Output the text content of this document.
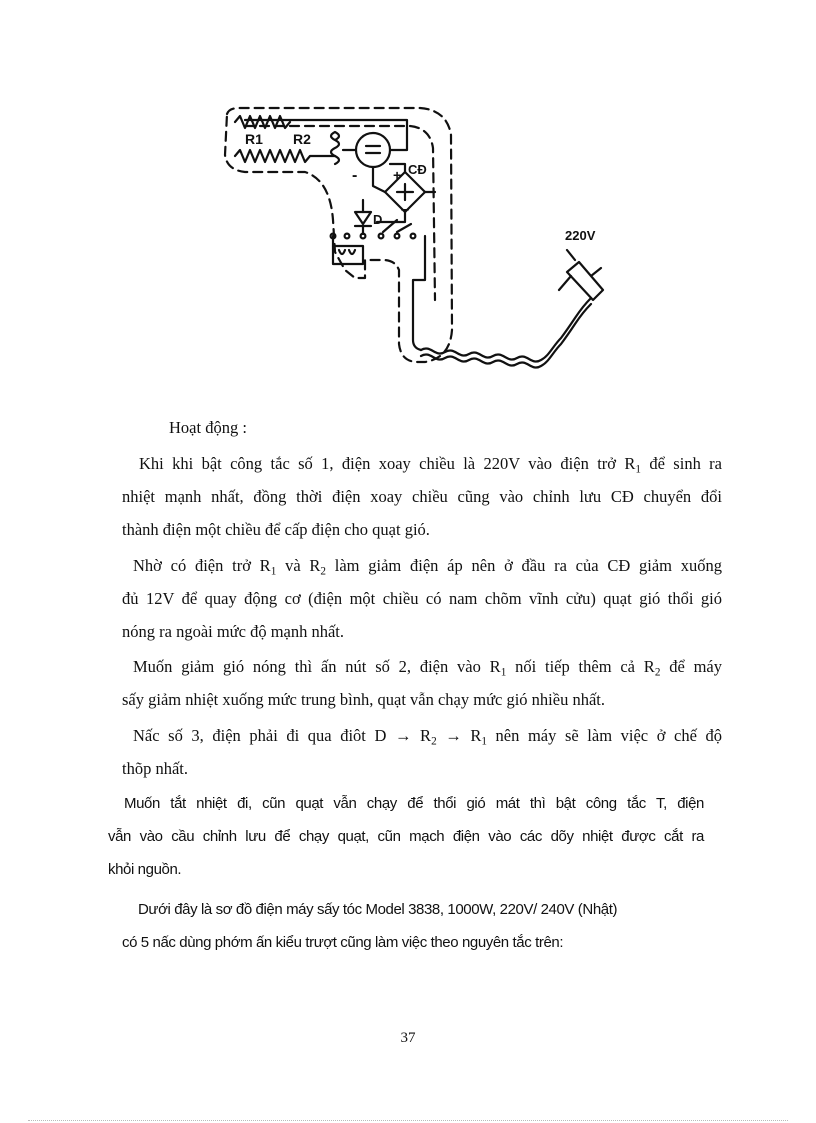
R1 R2
CĐ
+
-
D T
220V
Hoạt động :
Khi khi bật công tắc số 1, điện xoay chiều là 220V vào điện trở $R_1$ để sinh ra
nhiệt mạnh nhất, đồng thời điện xoay chiều cũng vào chỉnh lưu CĐ chuyển đổi
thành điện một chiều để cấp điện cho quạt gió.
Nhờ có điện trở $R_1$ và $R_2$ làm giảm điện áp nên ở đầu ra của CĐ giảm xuống
đủ 12V để quay động cơ (điện một chiều có nam chõm vĩnh cửu) quạt gió thổi gió
nóng ra ngoài mức độ mạnh nhất.
Muốn giảm gió nóng thì ấn nút số 2, điện vào $R_1$ nối tiếp thêm cả $R_2$ để máy
sấy giảm nhiệt xuống mức trung bình, quạt vẫn chạy mức gió nhiều nhất.
Nấc số 3, điện phải đi qua điôt $D \to R_2 \to R_1$ nên máy sẽ làm việc ở chế độ
thõp nhất.
Muốn tắt nhiệt đi, cũn quạt vẫn chạy để thổi gió mát thì bật công tắc T, điện
vẫn vào cầu chỉnh lưu để chạy quạt, cũn mạch điện vào các dõy nhiệt được cắt ra
khỏi nguồn.
Dưới đây là sơ đồ điện máy sấy tóc Model 3838, 1000W, 220V/ 240V (Nhật)
có 5 nấc dùng phớm ấn kiểu trượt cũng làm việc theo nguyên tắc trên:
37
